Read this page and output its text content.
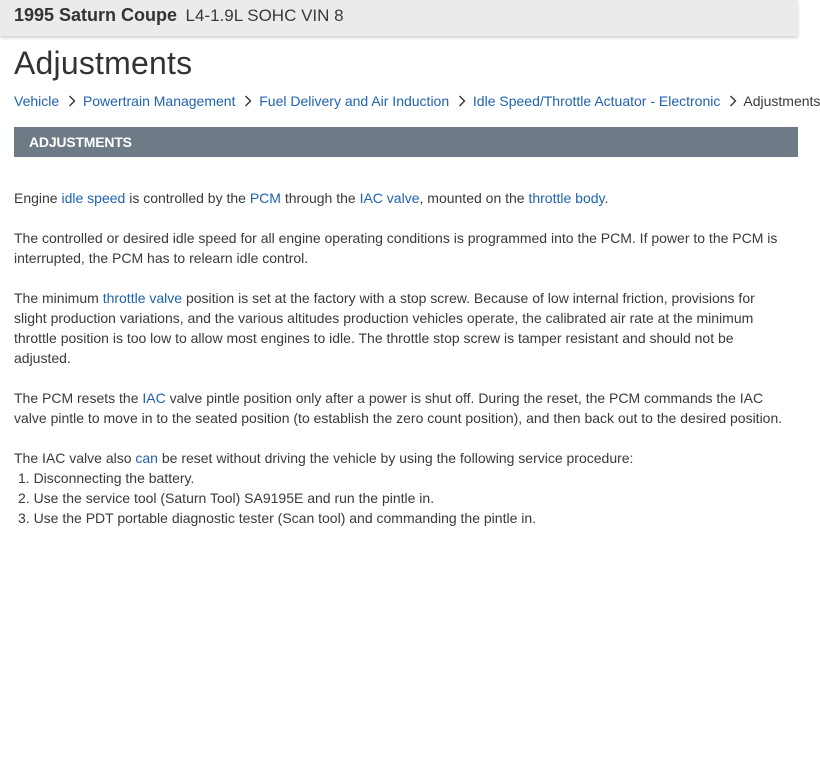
1995 Saturn Coupe L4-1.9L SOHC VIN 8
Adjustments
Vehicle Powertrain Management Fuel Delivery and Air Induction Idle Speed/Throttle Actuator - Electronic Adjustments
ADJUSTMENTS

Engine idle speed is controlled by the PCM through the IAC valve, mounted on the throttle body.

The controlled or desired idle speed for all engine operating conditions is programmed into the PCM. If power to the PCM is interrupted, the PCM has to relearn idle control.

The minimum throttle valve position is set at the factory with a stop screw. Because of low internal friction, provisions for slight production variations, and the various altitudes production vehicles operate, the calibrated air rate at the minimum throttle position is too low to allow most engines to idle. The throttle stop screw is tamper resistant and should not be adjusted.

The PCM resets the IAC valve pintle position only after a power is shut off. During the reset, the PCM commands the IAC valve pintle to move in to the seated position (to establish the zero count position), and then back out to the desired position.

The IAC valve also can be reset without driving the vehicle by using the following service procedure:
1. Disconnecting the battery.
2. Use the service tool (Saturn Tool) SA9195E and run the pintle in.
3. Use the PDT portable diagnostic tester (Scan tool) and commanding the pintle in.
